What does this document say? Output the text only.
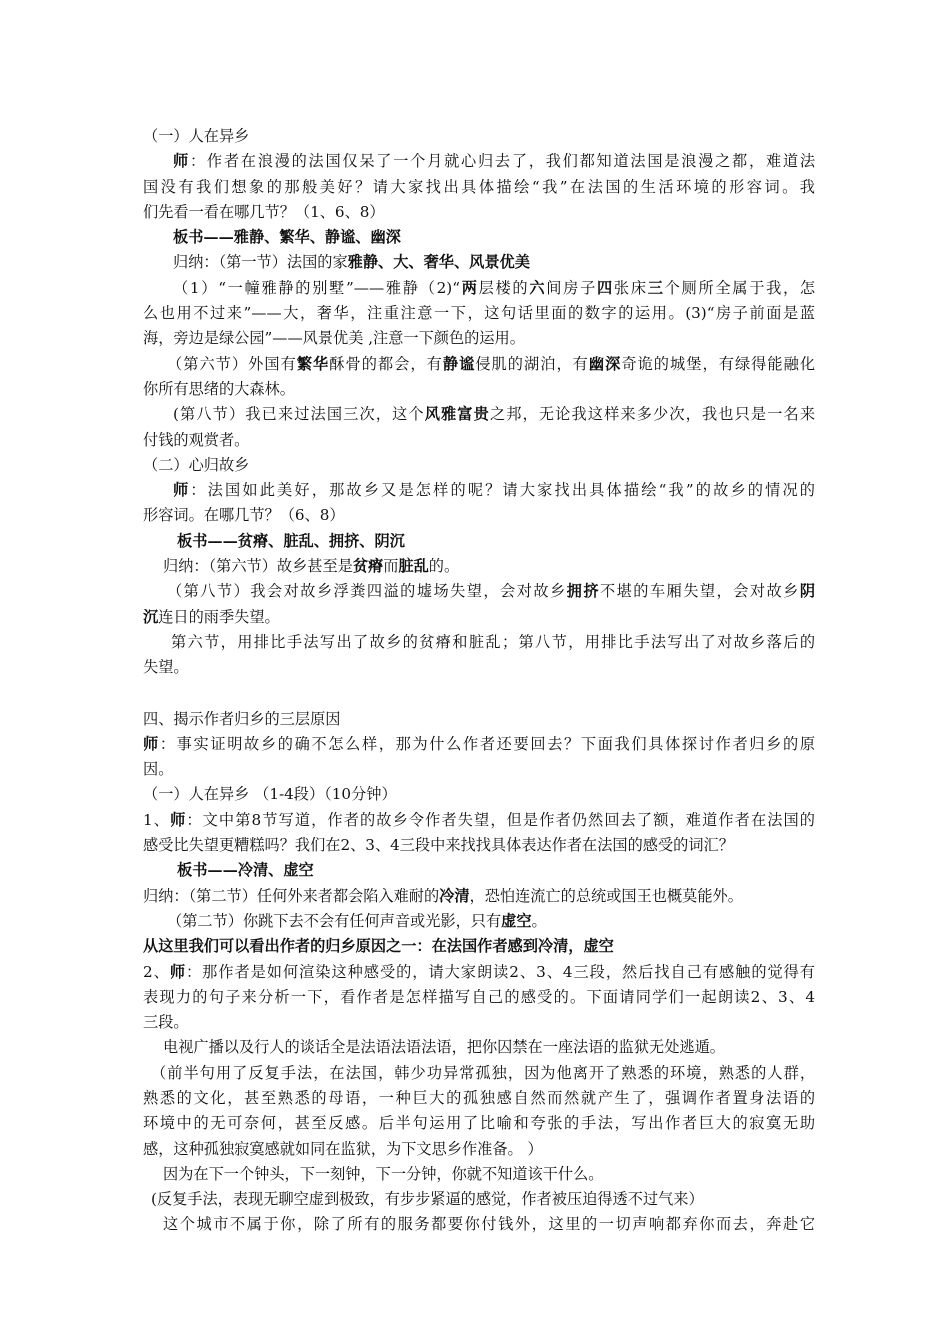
（一）人在异乡
师：作者在浪漫的法国仅呆了一个月就心归去了，我们都知道法国是浪漫之都，难道法
国没有我们想象的那般美好？请大家找出具体描绘“我”在法国的生活环境的形容词。我
们先看一看在哪几节？（1、6、8）
板书——雅静、繁华、静谧、幽深
归纳：（第一节）法国的家雅静、大、奢华、风景优美
（1）“一幢雅静的别墅”——雅静（2)“两层楼的六间房子四张床三个厕所全属于我，怎
么也用不过来”——大，奢华，注重注意一下，这句话里面的数字的运用。(3)“房子前面是蓝
海，旁边是绿公园”——风景优美 ,注意一下颜色的运用。
（第六节）外国有繁华酥骨的都会，有静谧侵肌的湖泊，有幽深奇诡的城堡，有绿得能融化
你所有思绪的大森林。
(第八节）我已来过法国三次，这个风雅富贵之邦，无论我这样来多少次，我也只是一名来
付钱的观赏者。
（二）心归故乡
师：法国如此美好，那故乡又是怎样的呢？请大家找出具体描绘“我”的故乡的情况的
形容词。在哪几节？（6、8）
板书——贫瘠、脏乱、拥挤、阴沉
归纳：（第六节）故乡甚至是贫瘠而脏乱的。
（第八节）我会对故乡浮粪四溢的墟场失望，会对故乡拥挤不堪的车厢失望，会对故乡阴
沉连日的雨季失望。
第六节，用排比手法写出了故乡的贫瘠和脏乱；第八节，用排比手法写出了对故乡落后的
失望。
四、揭示作者归乡的三层原因
师：事实证明故乡的确不怎么样，那为什么作者还要回去？下面我们具体探讨作者归乡的原
因。
（一）人在异乡 （1-4段）（10分钟）
1、师：文中第8节写道，作者的故乡令作者失望，但是作者仍然回去了额，难道作者在法国的
感受比失望更糟糕吗？我们在2、3、4三段中来找找具体表达作者在法国的感受的词汇？
板书——冷清、虚空
归纳：（第二节）任何外来者都会陷入难耐的冷清，恐怕连流亡的总统或国王也概莫能外。
（第二节）你跳下去不会有任何声音或光影，只有虚空。
从这里我们可以看出作者的归乡原因之一：在法国作者感到冷清，虚空
2、师：那作者是如何渲染这种感受的，请大家朗读2、3、4三段，然后找自己有感触的觉得有
表现力的句子来分析一下，看作者是怎样描写自己的感受的。下面请同学们一起朗读2、3、4
三段。
电视广播以及行人的谈话全是法语法语法语，把你囚禁在一座法语的监狱无处逃遁。
（前半句用了反复手法，在法国，韩少功异常孤独，因为他离开了熟悉的环境，熟悉的人群，
熟悉的文化，甚至熟悉的母语，一种巨大的孤独感自然而然就产生了，强调作者置身法语的
环境中的无可奈何，甚至反感。后半句运用了比喻和夸张的手法，写出作者巨大的寂寞无助
感，这种孤独寂寞感就如同在监狱，为下文思乡作准备。 ）
因为在下一个钟头，下一刻钟，下一分钟，你就不知道该干什么。
(反复手法，表现无聊空虚到极致，有步步紧逼的感觉，作者被压迫得透不过气来）
这个城市不属于你，除了所有的服务都要你付钱外，这里的一切声响都弃你而去，奔赴它
